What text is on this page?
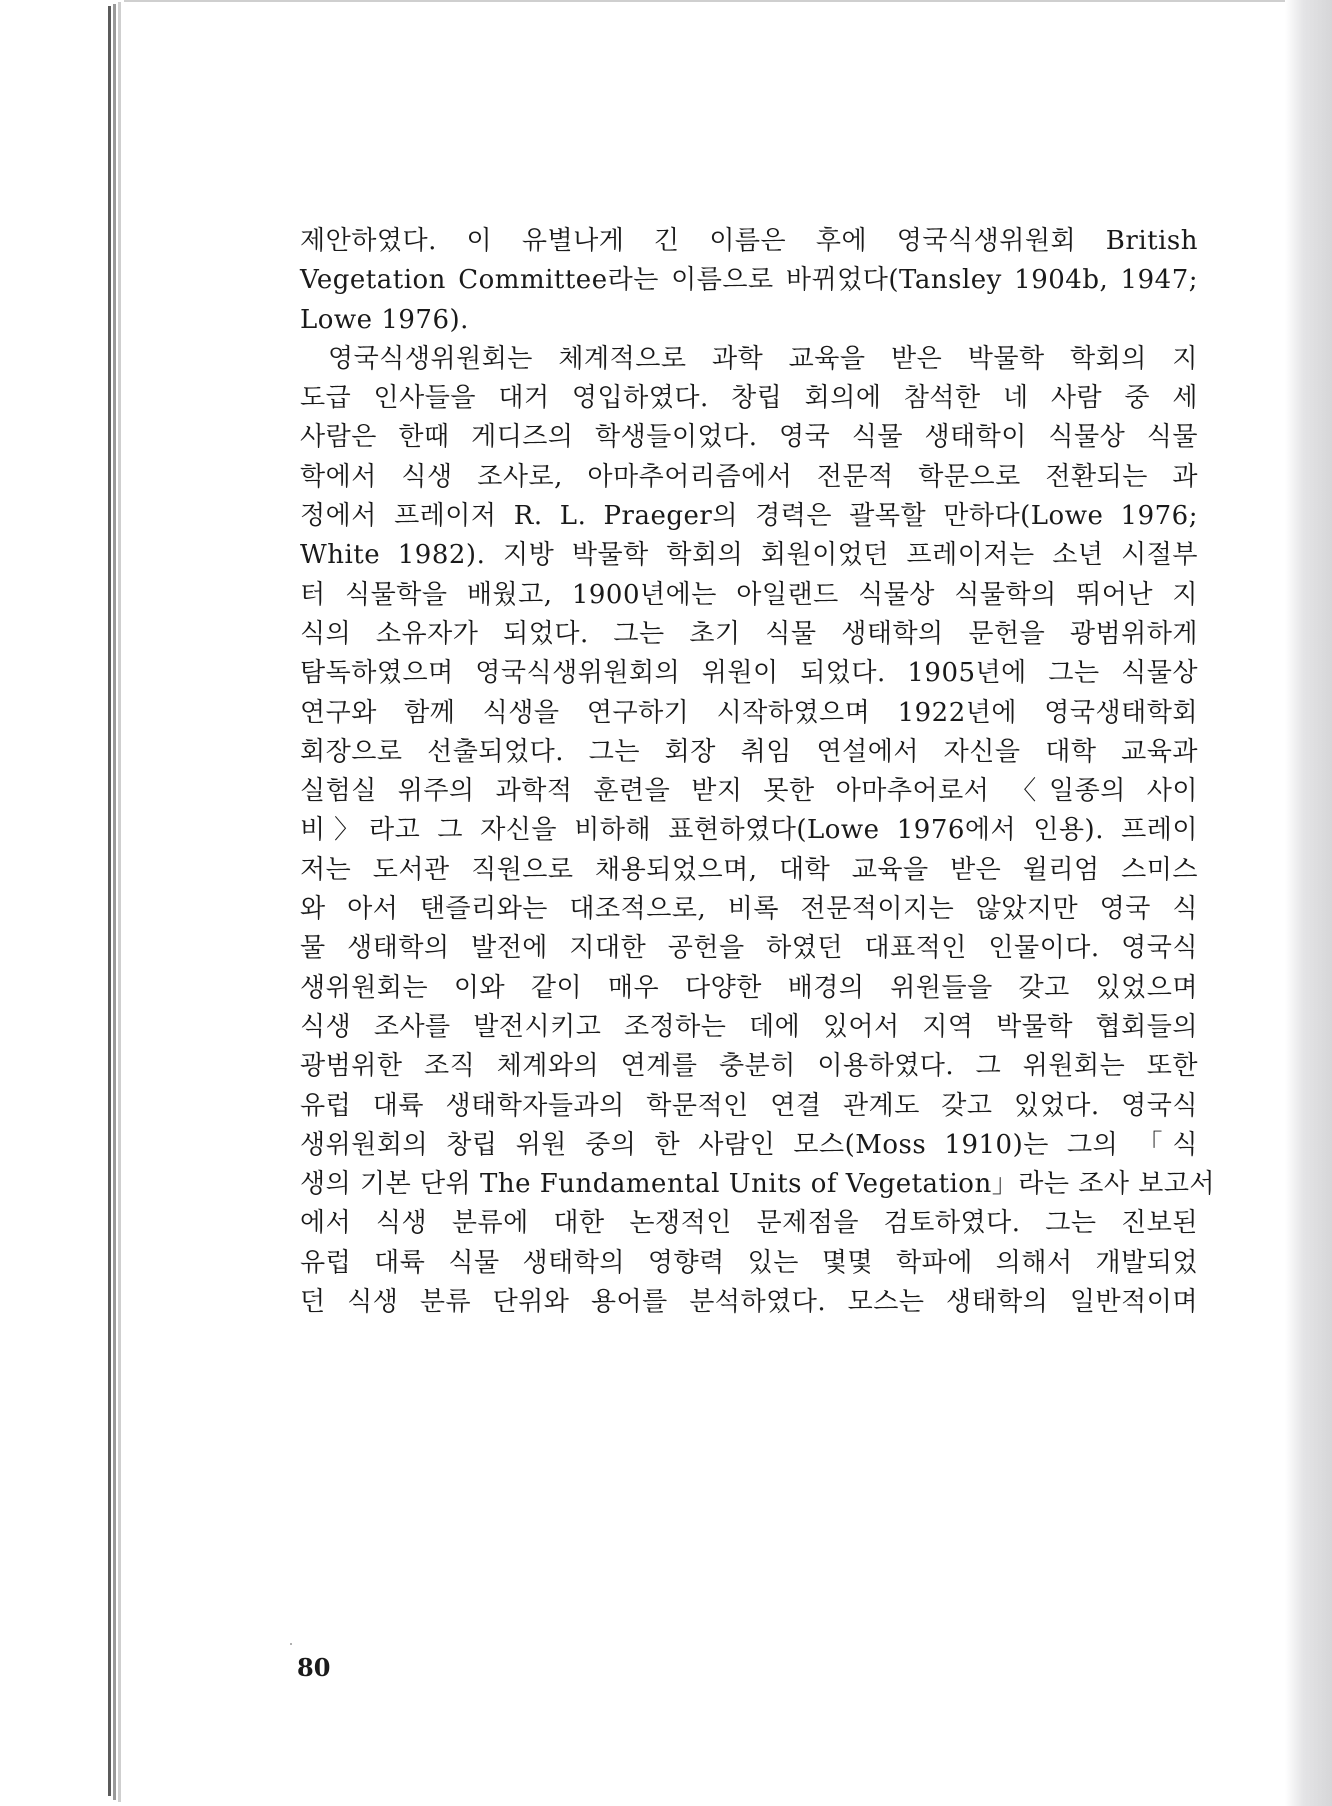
제안하였다. 이 유별나게 긴 이름은 후에 영국식생위원회 British
Vegetation Committee라는 이름으로 바뀌었다(Tansley 1904b, 1947;
Lowe 1976).
영국식생위원회는 체계적으로 과학 교육을 받은 박물학 학회의 지
도급 인사들을 대거 영입하였다. 창립 회의에 참석한 네 사람 중 세
사람은 한때 게디즈의 학생들이었다. 영국 식물 생태학이 식물상 식물
학에서 식생 조사로, 아마추어리즘에서 전문적 학문으로 전환되는 과
정에서 프레이저 R. L. Praeger의 경력은 괄목할 만하다(Lowe 1976;
White 1982). 지방 박물학 학회의 회원이었던 프레이저는 소년 시절부
터 식물학을 배웠고, 1900년에는 아일랜드 식물상 식물학의 뛰어난 지
식의 소유자가 되었다. 그는 초기 식물 생태학의 문헌을 광범위하게
탐독하였으며 영국식생위원회의 위원이 되었다. 1905년에 그는 식물상
연구와 함께 식생을 연구하기 시작하였으며 1922년에 영국생태학회
회장으로 선출되었다. 그는 회장 취임 연설에서 자신을 대학 교육과
실험실 위주의 과학적 훈련을 받지 못한 아마추어로서 〈일종의 사이
비〉라고 그 자신을 비하해 표현하였다(Lowe 1976에서 인용). 프레이
저는 도서관 직원으로 채용되었으며, 대학 교육을 받은 윌리엄 스미스
와 아서 탠즐리와는 대조적으로, 비록 전문적이지는 않았지만 영국 식
물 생태학의 발전에 지대한 공헌을 하였던 대표적인 인물이다. 영국식
생위원회는 이와 같이 매우 다양한 배경의 위원들을 갖고 있었으며
식생 조사를 발전시키고 조정하는 데에 있어서 지역 박물학 협회들의
광범위한 조직 체계와의 연계를 충분히 이용하였다. 그 위원회는 또한
유럽 대륙 생태학자들과의 학문적인 연결 관계도 갖고 있었다. 영국식
생위원회의 창립 위원 중의 한 사람인 모스(Moss 1910)는 그의 「식
생의 기본 단위 The Fundamental Units of Vegetation」라는 조사 보고서
에서 식생 분류에 대한 논쟁적인 문제점을 검토하였다. 그는 진보된
유럽 대륙 식물 생태학의 영향력 있는 몇몇 학파에 의해서 개발되었
던 식생 분류 단위와 용어를 분석하였다. 모스는 생태학의 일반적이며
80
